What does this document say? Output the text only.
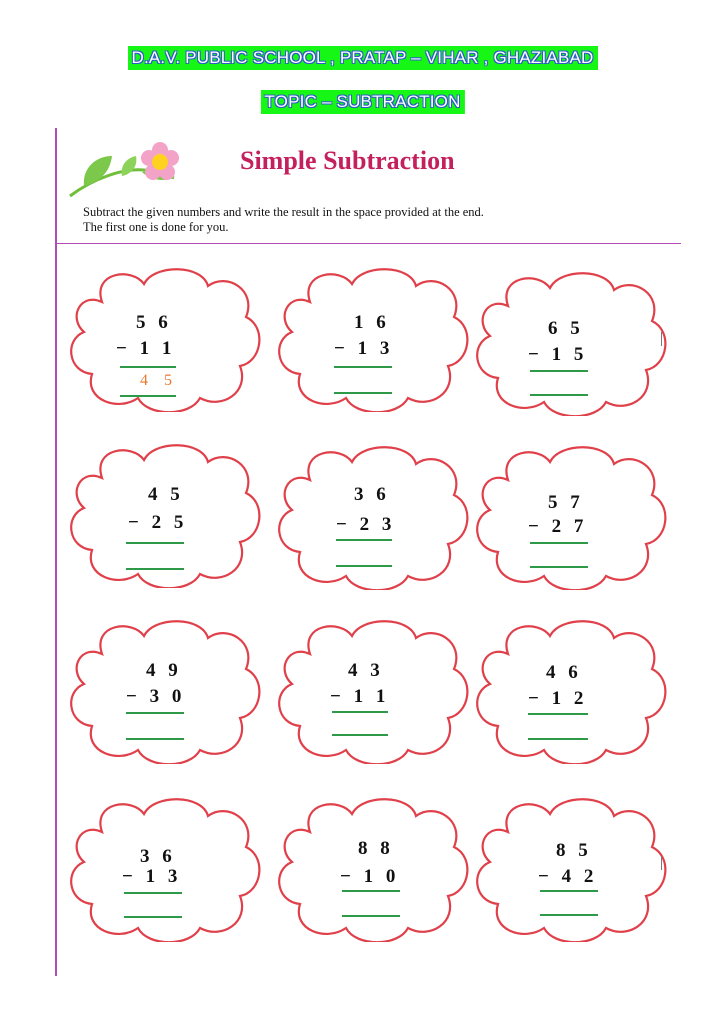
D.A.V. PUBLIC SCHOOL , PRATAP – VIHAR , GHAZIABAD
TOPIC – SUBTRACTION
Simple Subtraction
Subtract the given numbers and write the result in the space provided at the end.
The first one is done for you.
5 6
− 1 1
4 5
1 6
− 1 3
6 5
− 1 5
4 5
− 2 5
3 6
− 2 3
5 7
− 2 7
4 9
− 3 0
4 3
− 1 1
4 6
− 1 2
3 6
− 1 3
8 8
− 1 0
8 5
− 4 2
